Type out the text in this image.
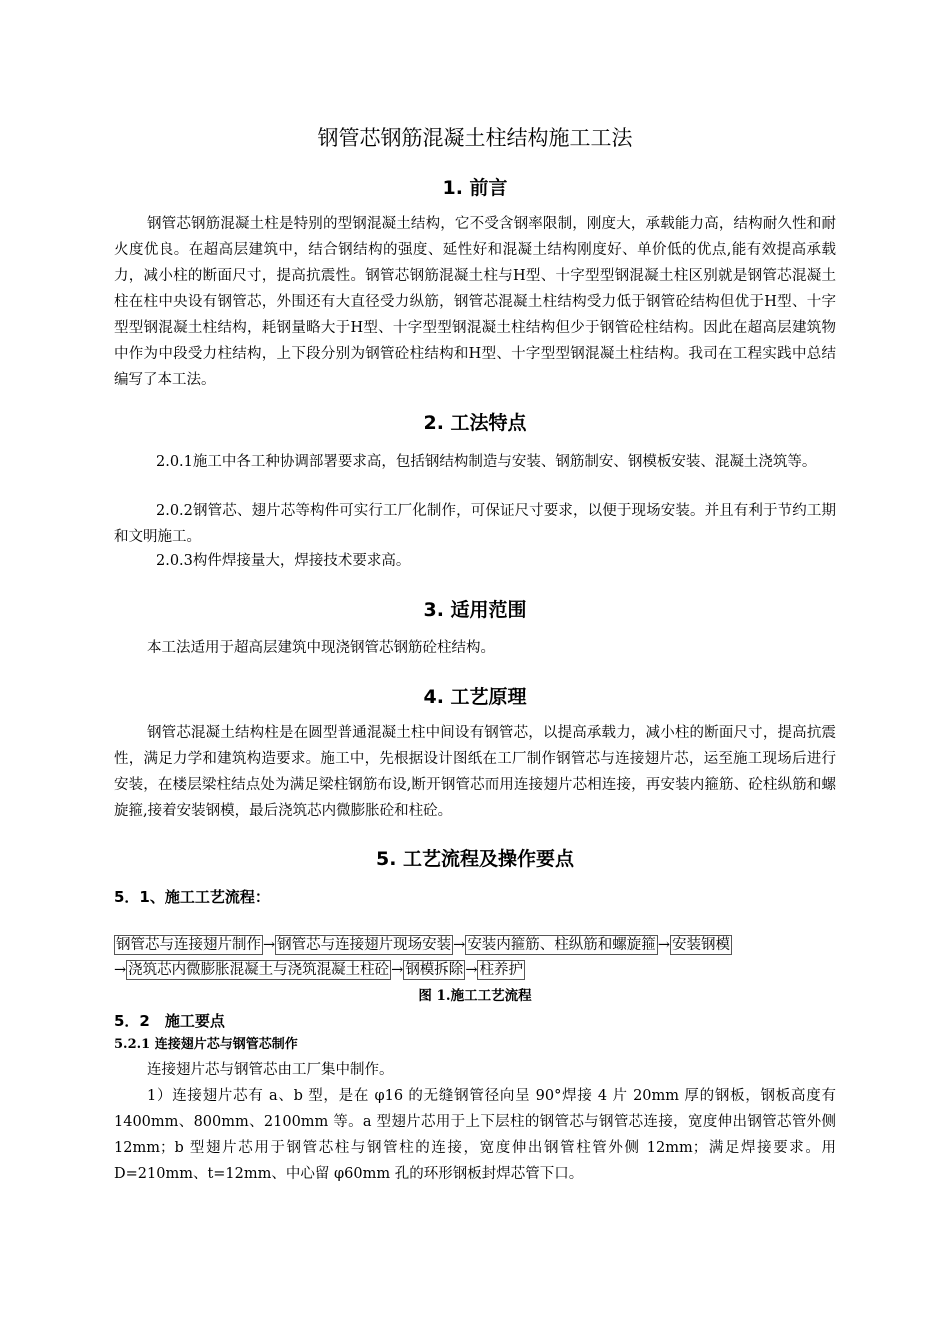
钢管芯钢筋混凝土柱结构施工工法
1. 前言

钢管芯钢筋混凝土柱是特别的型钢混凝土结构，它不受含钢率限制，刚度大，承载能力高，结构耐久性和耐火度优良。在超高层建筑中，结合钢结构的强度、延性好和混凝土结构刚度好、单价低的优点,能有效提高承载力，减小柱的断面尺寸，提高抗震性。钢管芯钢筋混凝土柱与H型、十字型型钢混凝土柱区别就是钢管芯混凝土柱在柱中央设有钢管芯，外围还有大直径受力纵筋，钢管芯混凝土柱结构受力低于钢管砼结构但优于H型、十字型型钢混凝土柱结构，耗钢量略大于H型、十字型型钢混凝土柱结构但少于钢管砼柱结构。因此在超高层建筑物中作为中段受力柱结构，上下段分别为钢管砼柱结构和H型、十字型型钢混凝土柱结构。我司在工程实践中总结编写了本工法。

2. 工法特点

2.0.1施工中各工种协调部署要求高，包括钢结构制造与安装、钢筋制安、钢模板安装、混凝土浇筑等。

2.0.2钢管芯、翅片芯等构件可实行工厂化制作，可保证尺寸要求，以便于现场安装。并且有利于节约工期和文明施工。

2.0.3构件焊接量大，焊接技术要求高。

3. 适用范围

本工法适用于超高层建筑中现浇钢管芯钢筋砼柱结构。

4. 工艺原理

钢管芯混凝土结构柱是在圆型普通混凝土柱中间设有钢管芯，以提高承载力，减小柱的断面尺寸，提高抗震性，满足力学和建筑构造要求。施工中，先根据设计图纸在工厂制作钢管芯与连接翅片芯，运至施工现场后进行安装，在楼层梁柱结点处为满足梁柱钢筋布设,断开钢管芯而用连接翅片芯相连接，再安装内箍筋、砼柱纵筋和螺旋箍,接着安装钢模，最后浇筑芯内微膨胀砼和柱砼。

5. 工艺流程及操作要点
5．1、施工工艺流程：
钢管芯与连接翅片制作 → 钢管芯与连接翅片现场安装 → 安装内箍筋、柱纵筋和螺旋箍 → 安装钢模
→ 浇筑芯内微膨胀混凝土与浇筑混凝土柱砼 → 钢模拆除 → 柱养护

图 1.施工工艺流程

5．2　施工要点
5.2.1 连接翅片芯与钢管芯制作

连接翅片芯与钢管芯由工厂集中制作。

1）连接翅片芯有 a、b 型，是在 φ16 的无缝钢管径向呈 90°焊接 4 片 20mm 厚的钢板，钢板高度有 1400mm、800mm、2100mm 等。a 型翅片芯用于上下层柱的钢管芯与钢管芯连接，宽度伸出钢管芯管外侧 12mm；b 型翅片芯用于钢管芯柱与钢管柱的连接，宽度伸出钢管柱管外侧 12mm；满足焊接要求。用 D=210mm、t=12mm、中心留 φ60mm 孔的环形钢板封焊芯管下口。
